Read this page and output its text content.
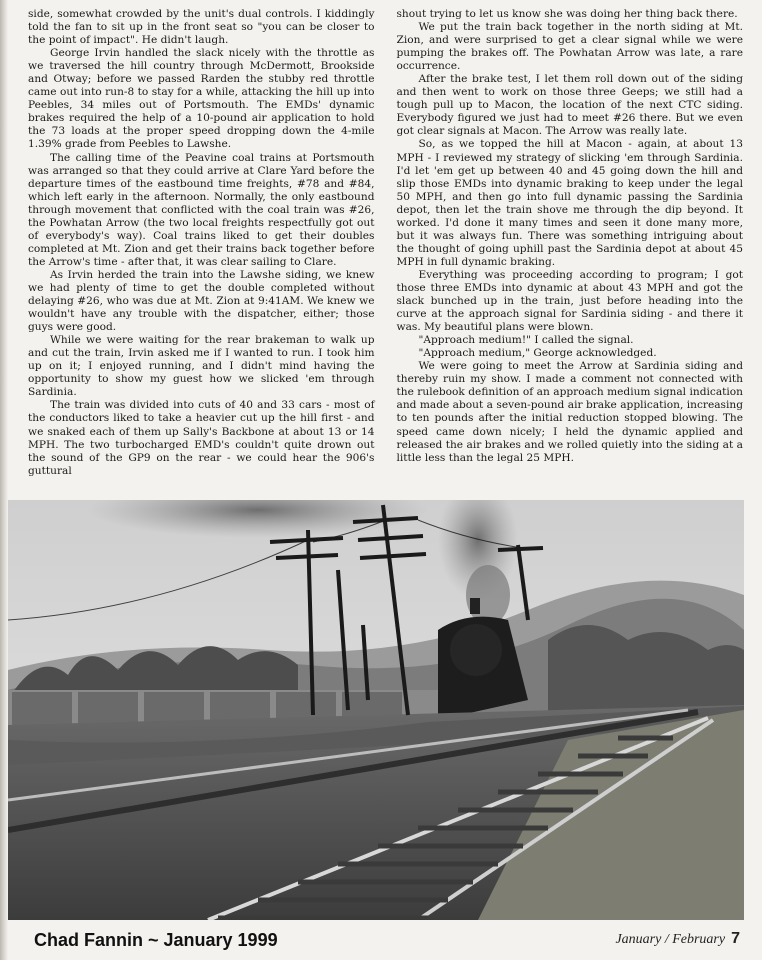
side, somewhat crowded by the unit's dual controls. I kiddingly told the fan to sit up in the front seat so "you can be closer to the point of impact". He didn't laugh.

George Irvin handled the slack nicely with the throttle as we traversed the hill country through McDermott, Brookside and Otway; before we passed Rarden the stubby red throttle came out into run-8 to stay for a while, attacking the hill up into Peebles, 34 miles out of Portsmouth. The EMDs' dynamic brakes required the help of a 10-pound air application to hold the 73 loads at the proper speed dropping down the 4-mile 1.39% grade from Peebles to Lawshe.

The calling time of the Peavine coal trains at Portsmouth was arranged so that they could arrive at Clare Yard before the departure times of the eastbound time freights, #78 and #84, which left early in the afternoon. Normally, the only eastbound through movement that conflicted with the coal train was #26, the Powhatan Arrow (the two local freights respectfully got out of everybody's way). Coal trains liked to get their doubles completed at Mt. Zion and get their trains back together before the Arrow's time - after that, it was clear sailing to Clare.

As Irvin herded the train into the Lawshe siding, we knew we had plenty of time to get the double completed without delaying #26, who was due at Mt. Zion at 9:41AM. We knew we wouldn't have any trouble with the dispatcher, either; those guys were good.

While we were waiting for the rear brakeman to walk up and cut the train, Irvin asked me if I wanted to run. I took him up on it; I enjoyed running, and I didn't mind having the opportunity to show my guest how we slicked 'em through Sardinia.

The train was divided into cuts of 40 and 33 cars - most of the conductors liked to take a heavier cut up the hill first - and we snaked each of them up Sally's Backbone at about 13 or 14 MPH. The two turbocharged EMD's couldn't quite drown out the sound of the GP9 on the rear - we could hear the 906's guttural

shout trying to let us know she was doing her thing back there.

We put the train back together in the north siding at Mt. Zion, and were surprised to get a clear signal while we were pumping the brakes off. The Powhatan Arrow was late, a rare occurrence.

After the brake test, I let them roll down out of the siding and then went to work on those three Geeps; we still had a tough pull up to Macon, the location of the next CTC siding. Everybody figured we just had to meet #26 there. But we even got clear signals at Macon. The Arrow was really late.

So, as we topped the hill at Macon - again, at about 13 MPH - I reviewed my strategy of slicking 'em through Sardinia. I'd let 'em get up between 40 and 45 going down the hill and slip those EMDs into dynamic braking to keep under the legal 50 MPH, and then go into full dynamic passing the Sardinia depot, then let the train shove me through the dip beyond. It worked. I'd done it many times and seen it done many more, but it was always fun. There was something intriguing about the thought of going uphill past the Sardinia depot at about 45 MPH in full dynamic braking.

Everything was proceeding according to program; I got those three EMDs into dynamic at about 43 MPH and got the slack bunched up in the train, just before heading into the curve at the approach signal for Sardinia siding - and there it was. My beautiful plans were blown.

"Approach medium!" I called the signal.

"Approach medium," George acknowledged.

We were going to meet the Arrow at Sardinia siding and thereby ruin my show. I made a comment not connected with the rulebook definition of an approach medium signal indication and made about a seven-pound air brake application, increasing to ten pounds after the initial reduction stopped blowing. The speed came down nicely; I held the dynamic applied and released the air brakes and we rolled quietly into the siding at a little less than the legal 25 MPH.

Chad Fannin ~ January 1999	January / February 7
